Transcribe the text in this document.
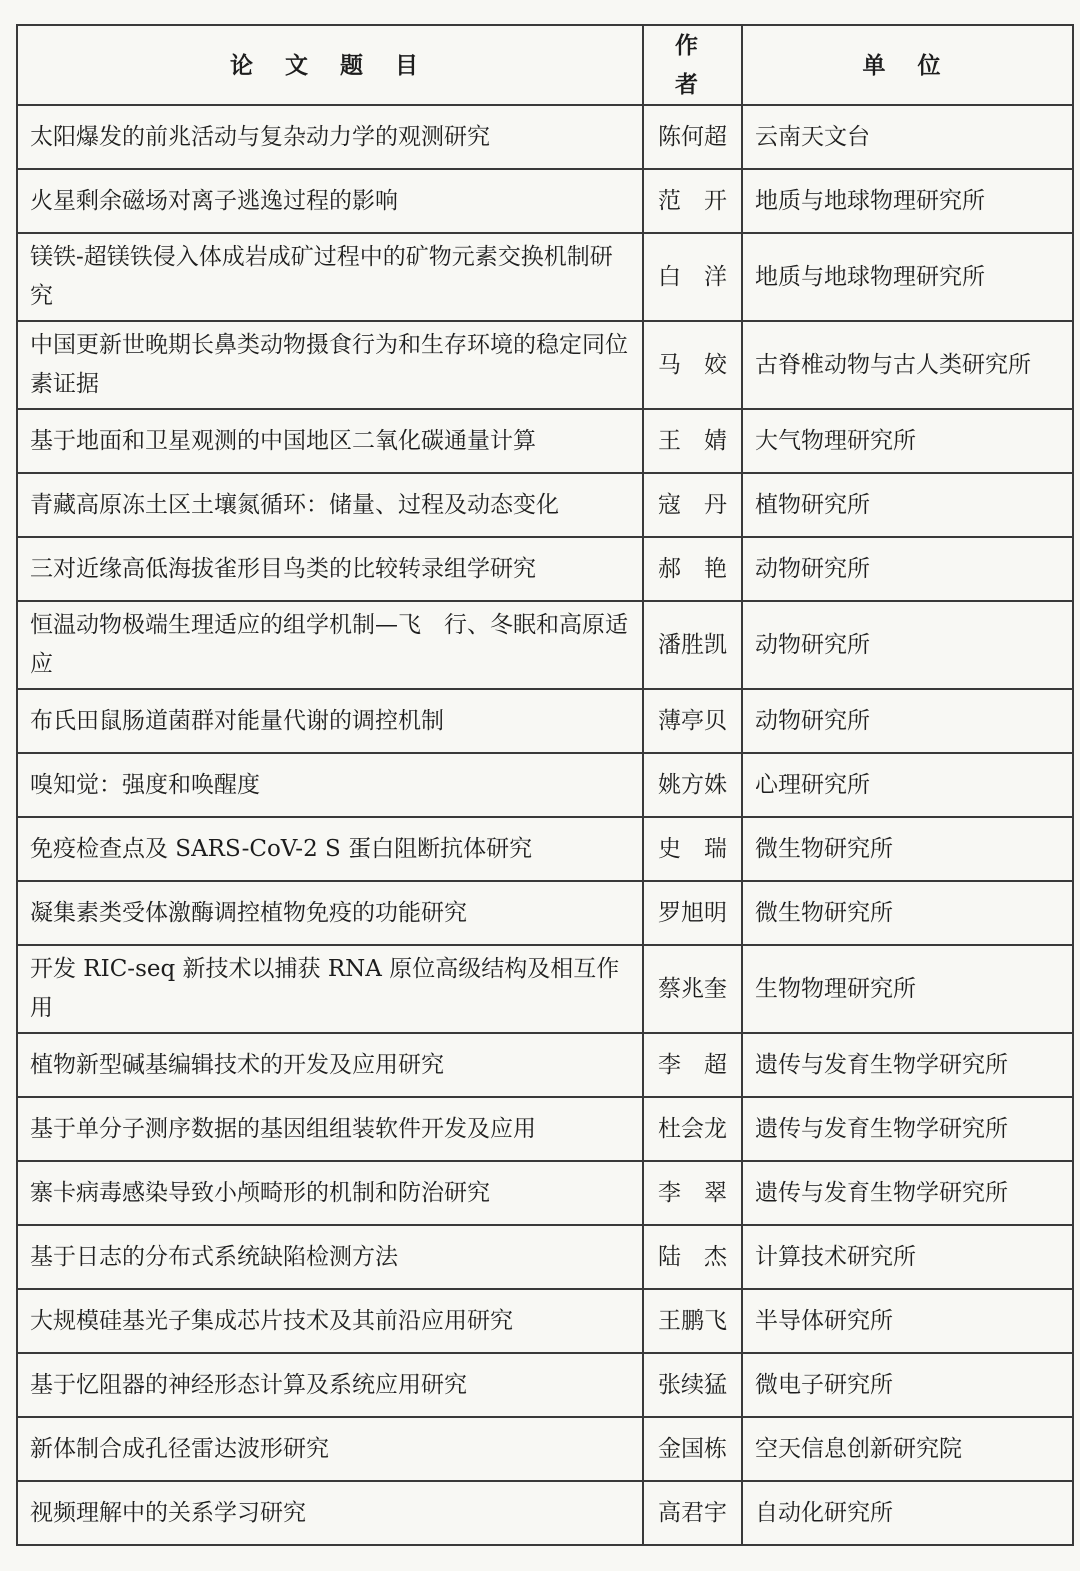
论 文 题 目	作 者	单 位
太阳爆发的前兆活动与复杂动力学的观测研究	陈何超	云南天文台
火星剩余磁场对离子逃逸过程的影响	范　开	地质与地球物理研究所
镁铁-超镁铁侵入体成岩成矿过程中的矿物元素交换机制研究	白　洋	地质与地球物理研究所
中国更新世晚期长鼻类动物摄食行为和生存环境的稳定同位素证据	马　姣	古脊椎动物与古人类研究所
基于地面和卫星观测的中国地区二氧化碳通量计算	王　婧	大气物理研究所
青藏高原冻土区土壤氮循环：储量、过程及动态变化	寇　丹	植物研究所
三对近缘高低海拔雀形目鸟类的比较转录组学研究	郝　艳	动物研究所
恒温动物极端生理适应的组学机制—飞　行、冬眠和高原适应	潘胜凯	动物研究所
布氏田鼠肠道菌群对能量代谢的调控机制	薄亭贝	动物研究所
嗅知觉：强度和唤醒度	姚方姝	心理研究所
免疫检查点及 SARS-CoV-2 S 蛋白阻断抗体研究	史　瑞	微生物研究所
凝集素类受体激酶调控植物免疫的功能研究	罗旭明	微生物研究所
开发 RIC-seq 新技术以捕获 RNA 原位高级结构及相互作用	蔡兆奎	生物物理研究所
植物新型碱基编辑技术的开发及应用研究	李　超	遗传与发育生物学研究所
基于单分子测序数据的基因组组装软件开发及应用	杜会龙	遗传与发育生物学研究所
寨卡病毒感染导致小颅畸形的机制和防治研究	李　翠	遗传与发育生物学研究所
基于日志的分布式系统缺陷检测方法	陆　杰	计算技术研究所
大规模硅基光子集成芯片技术及其前沿应用研究	王鹏飞	半导体研究所
基于忆阻器的神经形态计算及系统应用研究	张续猛	微电子研究所
新体制合成孔径雷达波形研究	金国栋	空天信息创新研究院
视频理解中的关系学习研究	高君宇	自动化研究所
